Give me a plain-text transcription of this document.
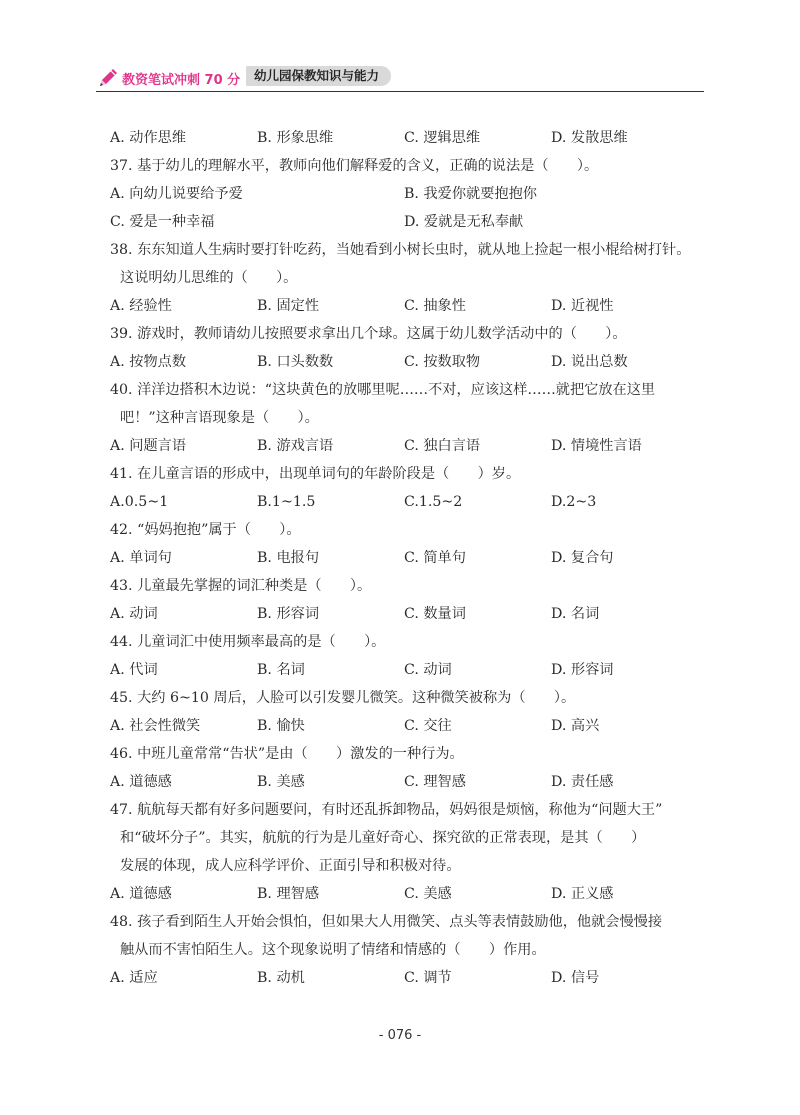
教资笔试冲刺 70 分	幼儿园保教知识与能力
A. 动作思维	B. 形象思维	C. 逻辑思维	D. 发散思维
37. 基于幼儿的理解水平，教师向他们解释爱的含义，正确的说法是（　　）。
A. 向幼儿说要给予爱	B. 我爱你就要抱抱你
C. 爱是一种幸福	D. 爱就是无私奉献
38. 东东知道人生病时要打针吃药，当她看到小树长虫时，就从地上捡起一根小棍给树打针。
这说明幼儿思维的（　　）。
A. 经验性	B. 固定性	C. 抽象性	D. 近视性
39. 游戏时，教师请幼儿按照要求拿出几个球。这属于幼儿数学活动中的（　　）。
A. 按物点数	B. 口头数数	C. 按数取物	D. 说出总数
40. 洋洋边搭积木边说：“这块黄色的放哪里呢……不对，应该这样……就把它放在这里
吧！”这种言语现象是（　　）。
A. 问题言语	B. 游戏言语	C. 独白言语	D. 情境性言语
41. 在儿童言语的形成中，出现单词句的年龄阶段是（　　）岁。
A.0.5~1	B.1~1.5	C.1.5~2	D.2~3
42. “妈妈抱抱”属于（　　）。
A. 单词句	B. 电报句	C. 简单句	D. 复合句
43. 儿童最先掌握的词汇种类是（　　）。
A. 动词	B. 形容词	C. 数量词	D. 名词
44. 儿童词汇中使用频率最高的是（　　）。
A. 代词	B. 名词	C. 动词	D. 形容词
45. 大约 6~10 周后，人脸可以引发婴儿微笑。这种微笑被称为（　　）。
A. 社会性微笑	B. 愉快	C. 交往	D. 高兴
46. 中班儿童常常“告状”是由（　　）激发的一种行为。
A. 道德感	B. 美感	C. 理智感	D. 责任感
47. 航航每天都有好多问题要问，有时还乱拆卸物品，妈妈很是烦恼，称他为“问题大王”
和“破坏分子”。其实，航航的行为是儿童好奇心、探究欲的正常表现，是其（　　）
发展的体现，成人应科学评价、正面引导和积极对待。
A. 道德感	B. 理智感	C. 美感	D. 正义感
48. 孩子看到陌生人开始会惧怕，但如果大人用微笑、点头等表情鼓励他，他就会慢慢接
触从而不害怕陌生人。这个现象说明了情绪和情感的（　　）作用。
A. 适应	B. 动机	C. 调节	D. 信号
- 076 -
